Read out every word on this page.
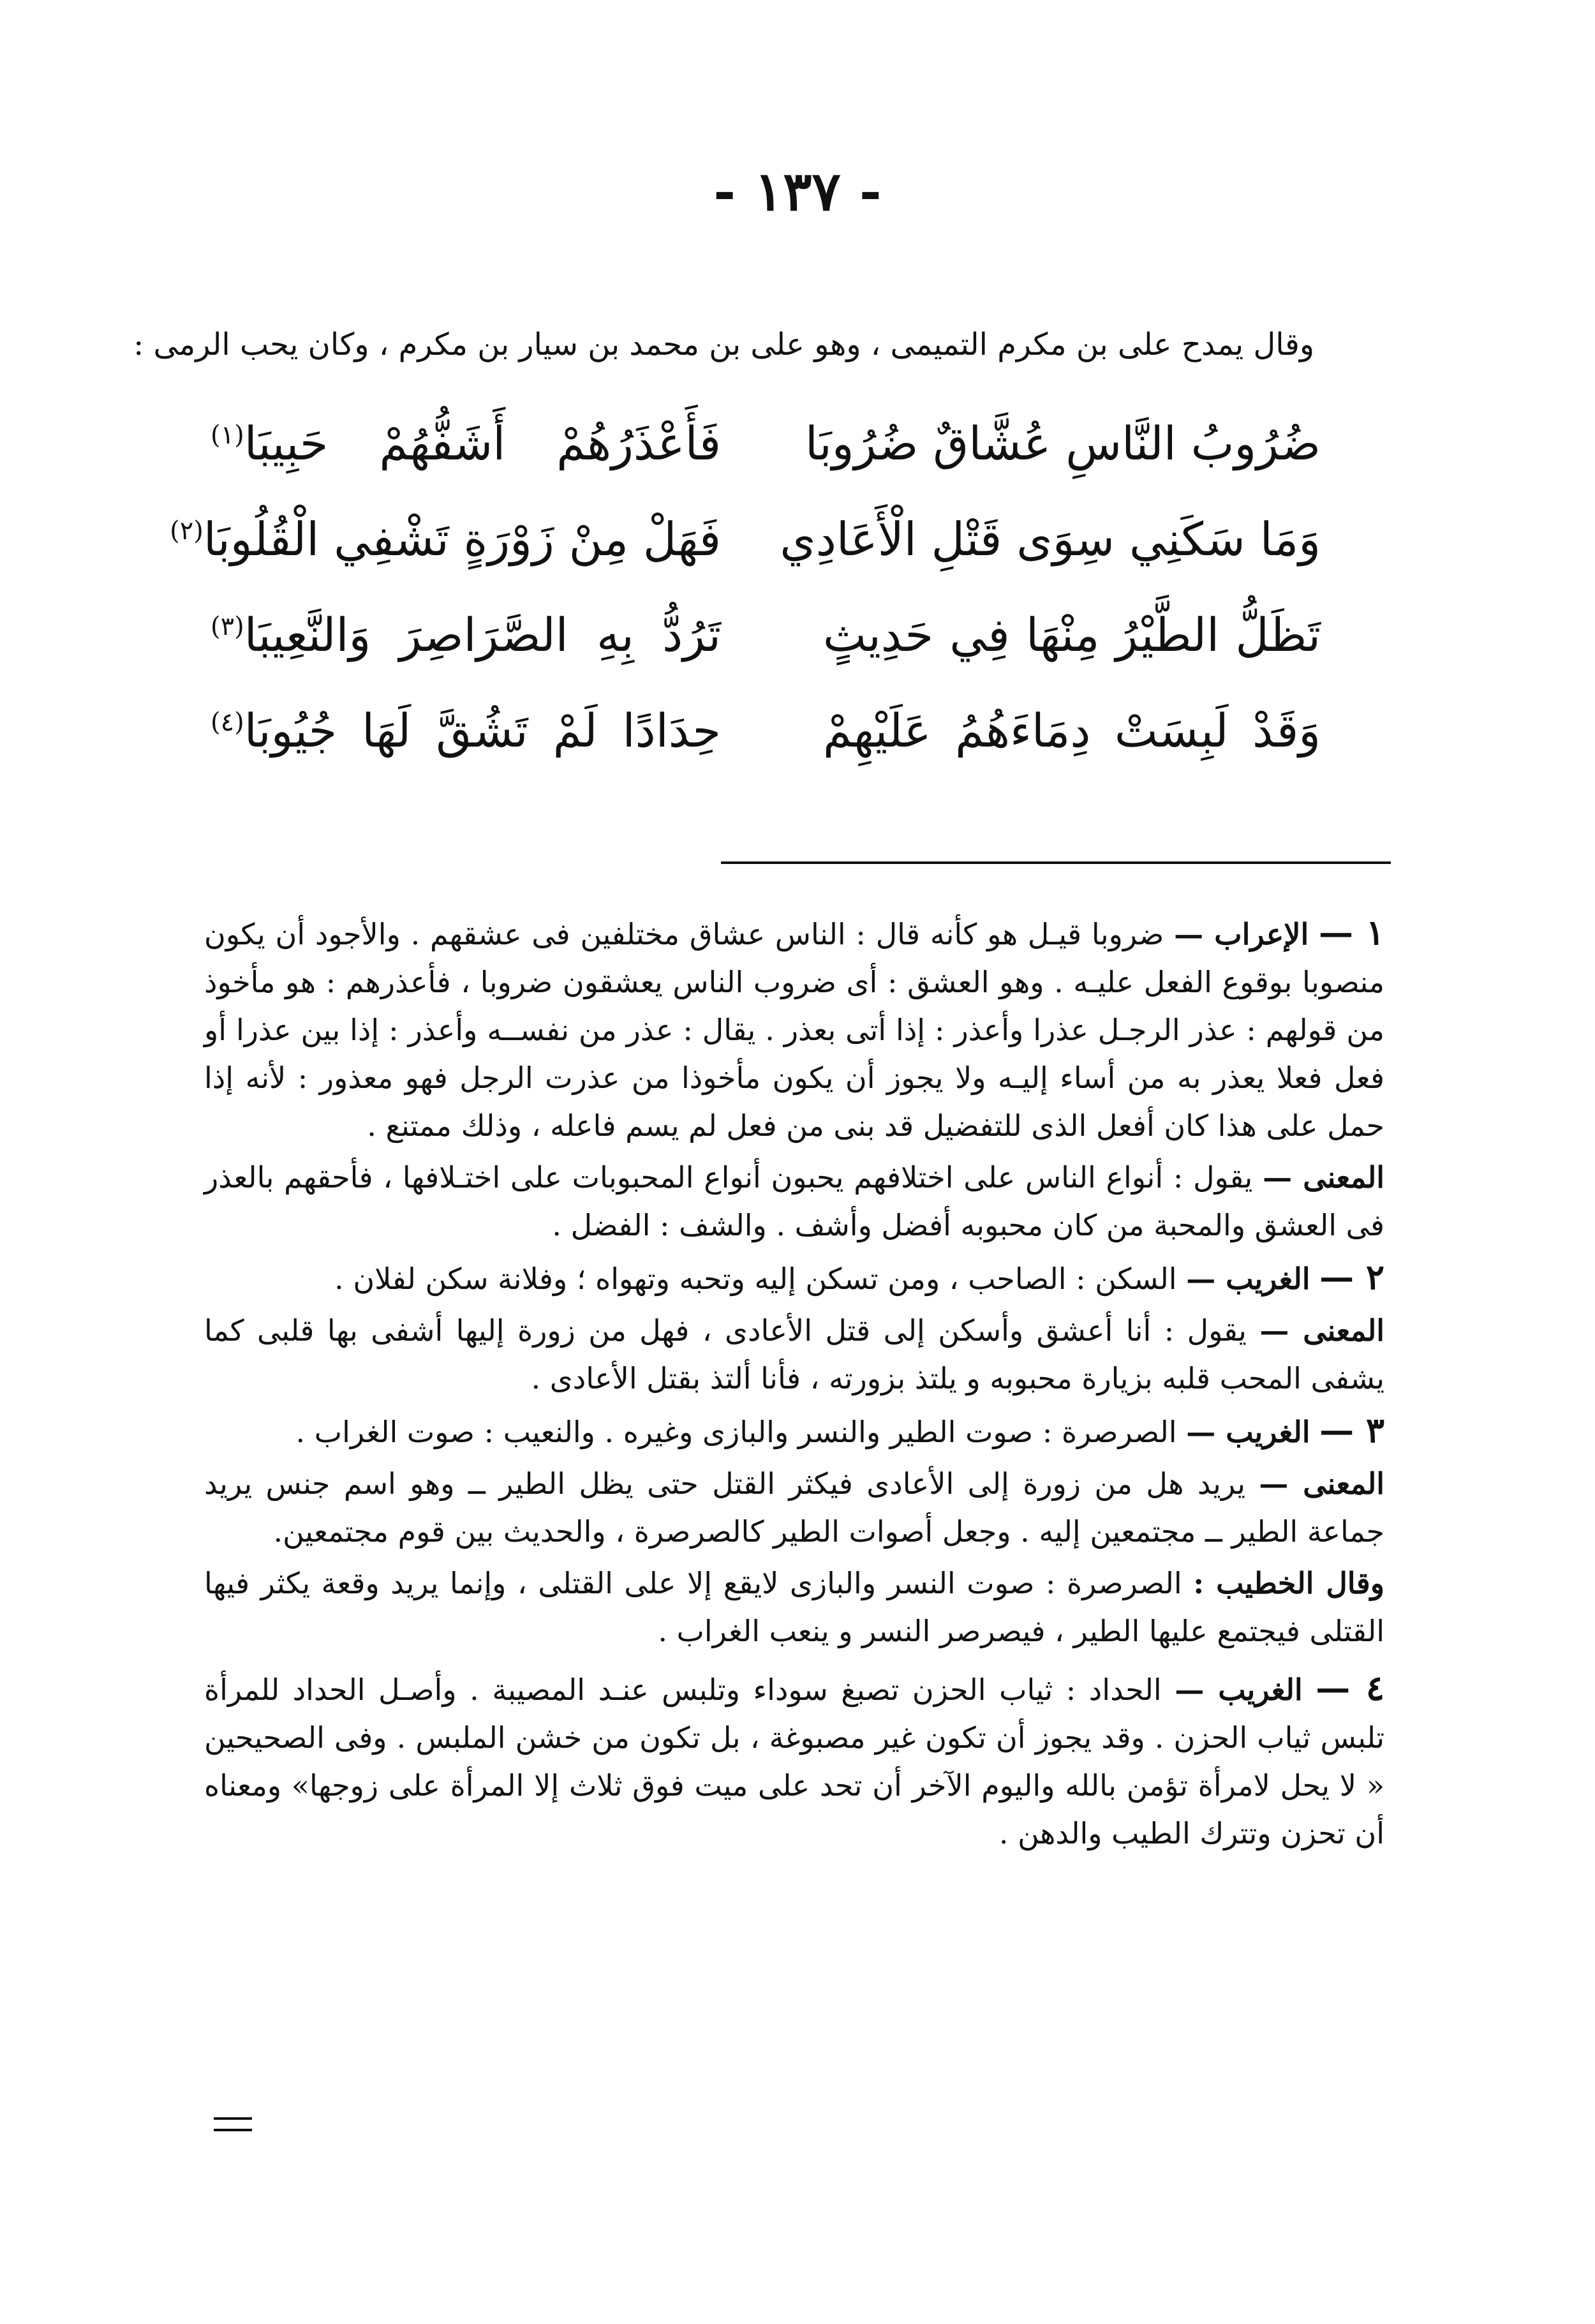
- ١٣٧ -
وقال يمدح على بن مكرم التميمى ، وهو على بن محمد بن سيار بن مكرم ، وكان يحب الرمى :
ضُرُوبُ النَّاسِ عُشَّاقٌ ضُرُوبَا
فَأَعْذَرُهُمْ أَشَفُّهُمْ حَبِيبَا$^{(١)}$
وَمَا سَكَنِي سِوَى قَتْلِ الْأَعَادِي
فَهَلْ مِنْ زَوْرَةٍ تَشْفِي الْقُلُوبَا$^{(٢)}$
تَظَلُّ الطَّيْرُ مِنْهَا فِي حَدِيثٍ
تَرُدُّ بِهِ الصَّرَاصِرَ وَالنَّعِيبَا$^{(٣)}$
وَقَدْ لَبِسَتْ دِمَاءَهُمُ عَلَيْهِمْ
حِدَادًا لَمْ تَشُقَّ لَهَا جُيُوبَا$^{(٤)}$

١ — الإعراب — ضروبا قيـل هو كأنه قال : الناس عشاق مختلفين فى عشقهم . والأجود أن يكون منصوبا بوقوع الفعل عليـه . وهو العشق : أى ضروب الناس يعشقون ضروبا ، فأعذرهم : هو مأخوذ من قولهم : عذر الرجـل عذرا وأعذر : إذا أتى بعذر . يقال : عذر من نفســه وأعذر : إذا بين عذرا أو فعل فعلا يعذر به من أساء إليـه ولا يجوز أن يكون مأخوذا من عذرت الرجل فهو معذور : لأنه إذا حمل على هذا كان أفعل الذى للتفضيل قد بنى من فعل لم يسم فاعله ، وذلك ممتنع .

المعنى — يقول : أنواع الناس على اختلافهم يحبون أنواع المحبوبات على اختـلافها ، فأحقهم بالعذر فى العشق والمحبة من كان محبوبه أفضل وأشف . والشف : الفضل .

٢ — الغريب — السكن : الصاحب ، ومن تسكن إليه وتحبه وتهواه ؛ وفلانة سكن لفلان .

المعنى — يقول : أنا أعشق وأسكن إلى قتل الأعادى ، فهل من زورة إليها أشفى بها قلبى كما يشفى المحب قلبه بزيارة محبوبه و يلتذ بزورته ، فأنا ألتذ بقتل الأعادى .

٣ — الغريب — الصرصرة : صوت الطير والنسر والبازى وغيره . والنعيب : صوت الغراب .

المعنى — يريد هل من زورة إلى الأعادى فيكثر القتل حتى يظل الطير ــ وهو اسم جنس يريد جماعة الطير ــ مجتمعين إليه . وجعل أصوات الطير كالصرصرة ، والحديث بين قوم مجتمعين.

وقال الخطيب : الصرصرة : صوت النسر والبازى لايقع إلا على القتلى ، وإنما يريد وقعة يكثر فيها القتلى فيجتمع عليها الطير ، فيصرصر النسر و ينعب الغراب .

٤ — الغريب — الحداد : ثياب الحزن تصبغ سوداء وتلبس عنـد المصيبة . وأصـل الحداد للمرأة تلبس ثياب الحزن . وقد يجوز أن تكون غير مصبوغة ، بل تكون من خشن الملبس . وفى الصحيحين « لا يحل لامرأة تؤمن بالله واليوم الآخر أن تحد على ميت فوق ثلاث إلا المرأة على زوجها» ومعناه أن تحزن وتترك الطيب والدهن .
